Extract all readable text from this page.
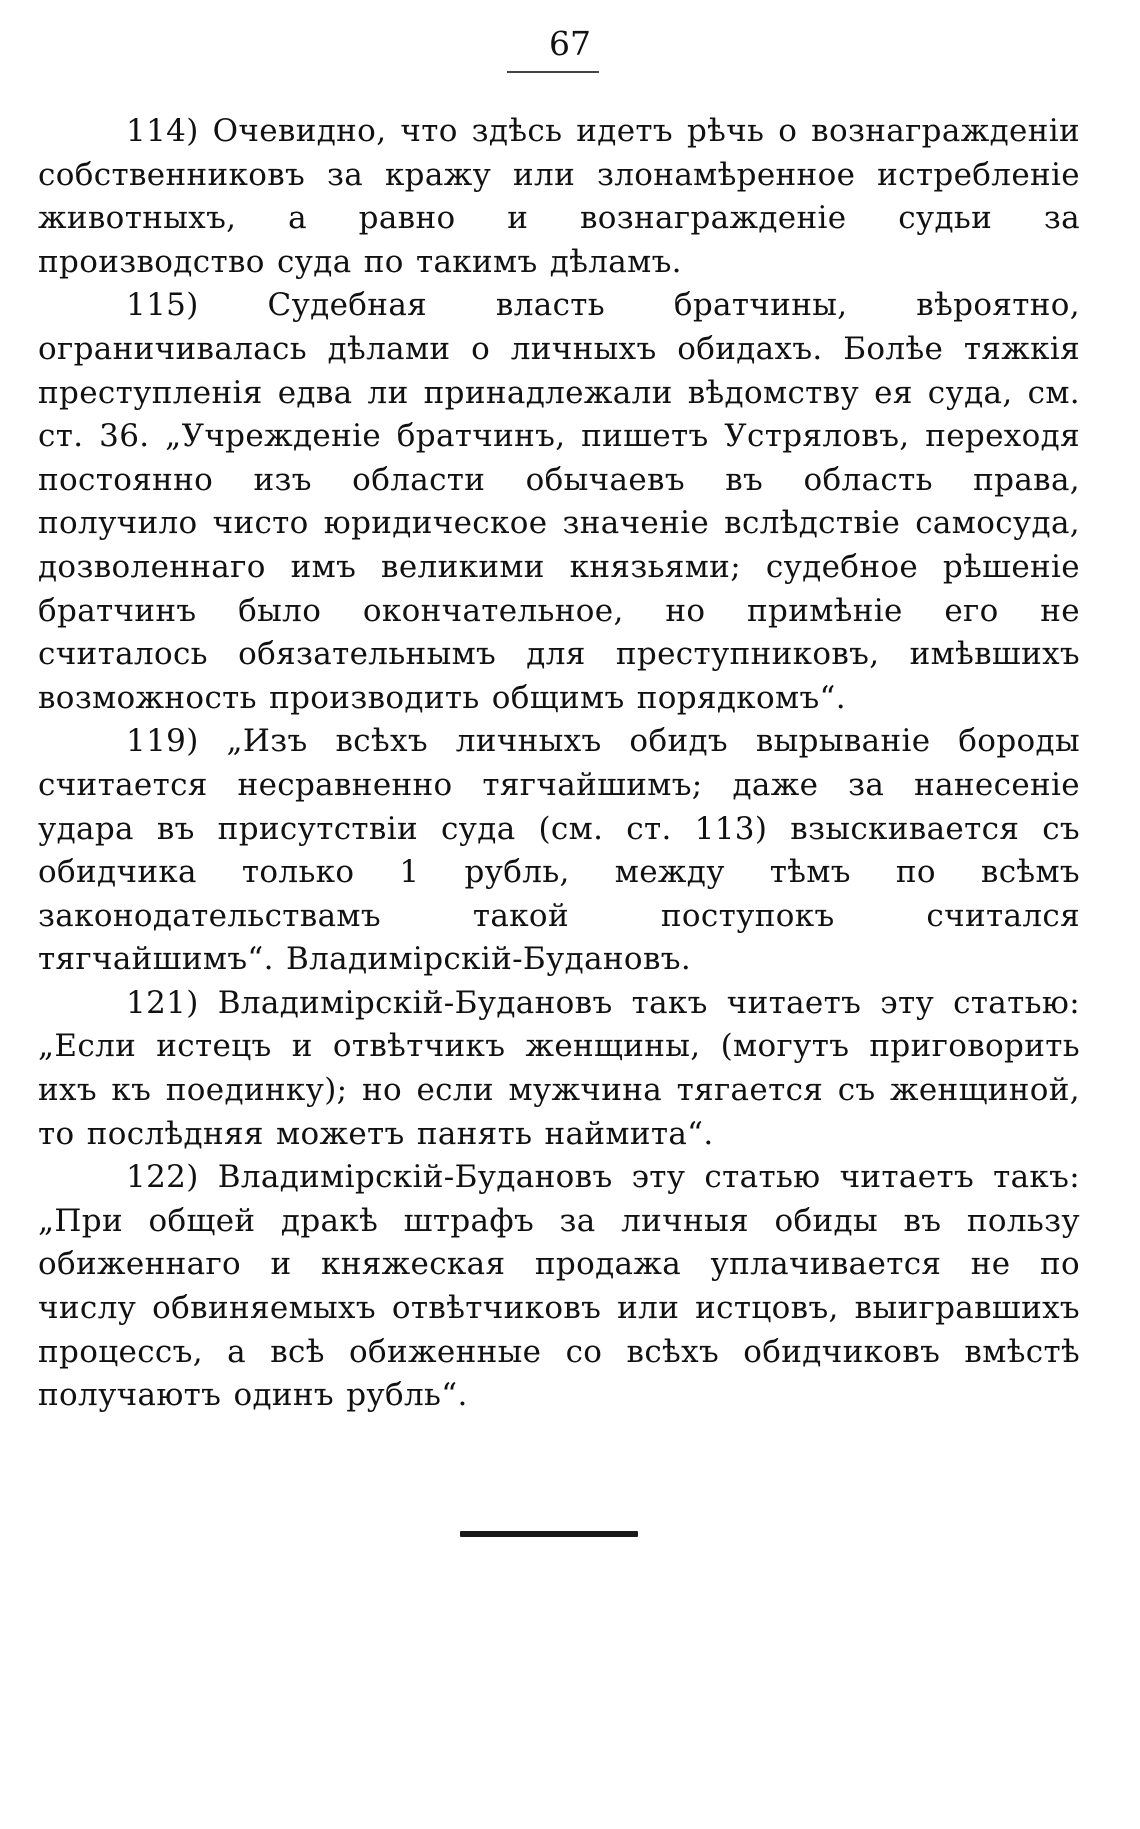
67

114) Очевидно, что здѣсь идетъ рѣчь о вознагражденіи собственниковъ за кражу или злонамѣренное истребленіе животныхъ, а равно и вознагражденіе судьи за производство суда по такимъ дѣламъ.

115) Судебная власть братчины, вѣроятно, ограничивалась дѣлами о личныхъ обидахъ. Болѣе тяжкія преступленія едва ли принадлежали вѣдомству ея суда, см. ст. 36. „Учрежденіе братчинъ, пишетъ Устряловъ, переходя постоянно изъ области обычаевъ въ область права, получило чисто юридическое значеніе вслѣдствіе самосуда, дозволеннаго имъ великими князьями; судебное рѣшеніе братчинъ было окончательное, но примѣніе его не считалось обязательнымъ для преступниковъ, имѣвшихъ возможность производить общимъ порядкомъ“.

119) „Изъ всѣхъ личныхъ обидъ вырываніе бороды считается несравненно тягчайшимъ; даже за нанесеніе удара въ присутствіи суда (см. ст. 113) взыскивается съ обидчика только 1 рубль, между тѣмъ по всѣмъ законодательствамъ такой поступокъ считался тягчайшимъ“. Владимірскій-Будановъ.

121) Владимірскій-Будановъ такъ читаетъ эту статью: „Если истецъ и отвѣтчикъ женщины, (могутъ приговорить ихъ къ поединку); но если мужчина тягается съ женщиной, то послѣдняя можетъ панять наймита“.

122) Владимірскій-Будановъ эту статью читаетъ такъ: „При общей дракѣ штрафъ за личныя обиды въ пользу обиженнаго и княжеская продажа уплачивается не по числу обвиняемыхъ отвѣтчиковъ или истцовъ, выигравшихъ процессъ, а всѣ обиженные со всѣхъ обидчиковъ вмѣстѣ получаютъ одинъ рубль“.
